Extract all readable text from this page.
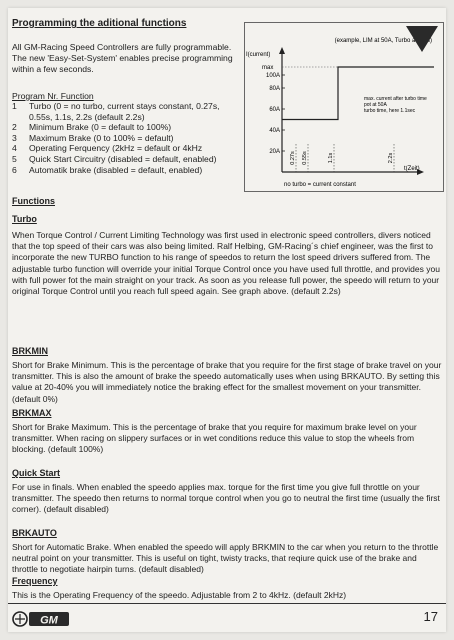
Programming the aditional functions
All GM-Racing Speed Controllers are fully programmable. The new 'Easy-Set-System' enables precise programming within a few seconds.
Program Nr. Function
1	Turbo (0 = no turbo, current stays constant, 0.27s, 0.55s, 1.1s, 2.2s (default 2.2s)
2	Minimum Brake (0 = default to 100%)
3	Maximum Brake (0 to 100% = default)
4	Operating Ferquency (2kHz = default or 4kHz
5	Quick Start Circuitry (disabled = default, enabled)
6	Automatik brake (disabled = default, enabled)
Turbo
(example, LIM at 50A, Turbo at 1.1s)
I(current)
t(Zeit)
max
100A
80A
60A
40A
20A 0.27s 0.55s	1.1s	2.2s
max. current after turbo time pot at 50A turbo time, here 1.1sec
no turbo = current constant
Functions
Turbo
When Torque Control / Current Limiting Technology was first used in electronic speed controllers, divers noticed that the top speed of their cars was also being limited. Ralf Helbing, GM-Racing´s chief engineer, was the first to incorporate the new TURBO function to his range of speedos to return the lost speed drivers suffered from. The adjustable turbo function will override your initial Torque Control once you have used full throttle, and provides you with full power fot the main straight on your track. As soon as you release full power, the speedo will return to your original Torque Control until you reach full speed again. See graph above. (default 2.2s)
BRKMIN
Short for Brake Minimum. This is the percentage of brake that you require for the first stage of brake travel on your transmitter. This is also the amount of brake the speedo automatically uses when using BRKAUTO. By setting this value at 20-40% you will immediately notice the braking effect for the smallest movement on your transmitter. (default 0%)
BRKMAX
Short for Brake Maximum. This is the percentage of brake that you require for maximum brake level on your transmitter. When racing on slippery surfaces or in wet conditions reduce this value to stop the wheels from blocking. (default 100%)
Quick Start
For use in finals. When enabled the speedo applies max. torque for the first time you give full throttle on your transmitter. The speedo then returns to normal torque control when you go to neutral the first time (usually the first corner). (default disabled)
BRKAUTO
Short for Automatic Brake. When enabled the speedo will apply BRKMIN to the car when you return to the throttle neutral point on your transmitter. This is useful on tight, twisty tracks, that reqiure quick use of the brake and throttle to negotiate hairpin turns. (default disabled)
Frequency
This is the Operating Frequency of the speedo. Adjustable from 2 to 4kHz. (default 2kHz)
GM	17
